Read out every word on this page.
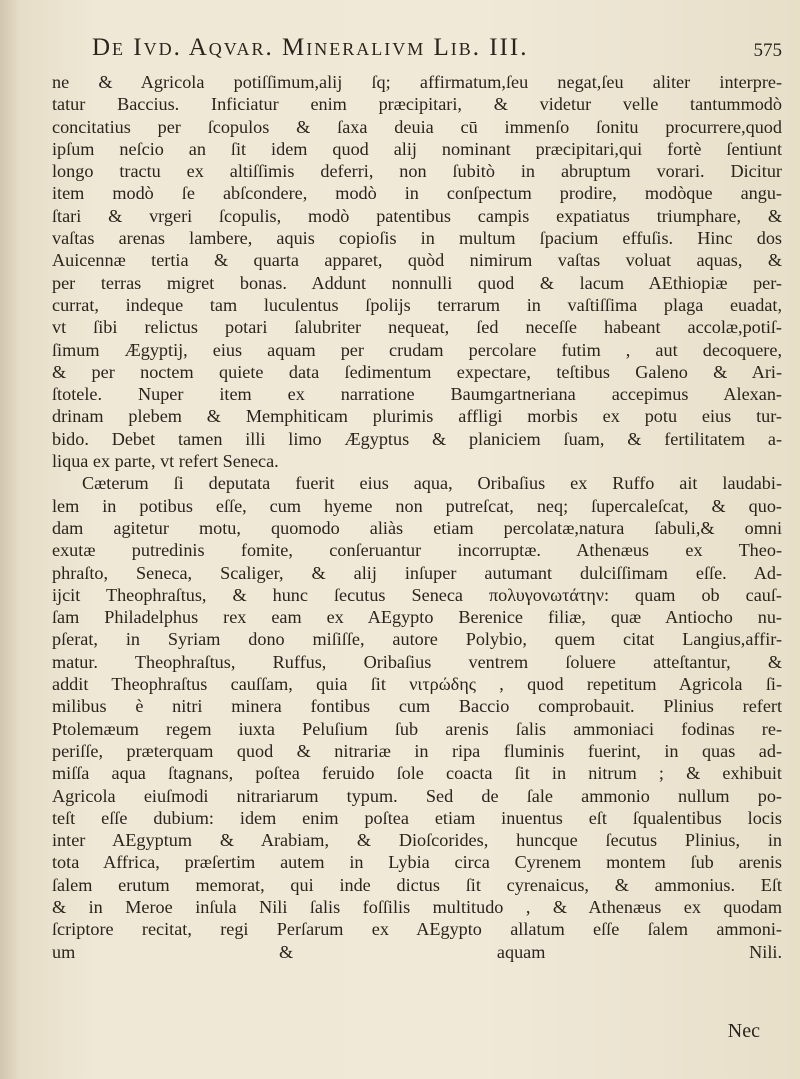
De Ivd. Aqvar. Mineralivm Lib. III.	575
ne & Agricola potiſſimum,alij ſq; affirmatum,ſeu negat,ſeu aliter interpre-
tatur Baccius. Inficiatur enim præcipitari, & videtur velle tantummodò
concitatius per ſcopulos & ſaxa deuia cū immenſo ſonitu procurrere,quod
ipſum neſcio an ſit idem quod alij nominant præcipitari,qui fortè ſentiunt
longo tractu ex altiſſimis deferri, non ſubitò in abruptum vorari. Dicitur
item modò ſe abſcondere, modò in conſpectum prodire, modòque angu-
ſtari & vrgeri ſcopulis, modò patentibus campis expatiatus triumphare, &
vaſtas arenas lambere, aquis copioſis in multum ſpacium effuſis. Hinc dos
Auicennæ tertia & quarta apparet, quòd nimirum vaſtas voluat aquas, &
per terras migret bonas. Addunt nonnulli quod & lacum AEthiopiæ per-
currat, indeque tam luculentus ſpolijs terrarum in vaſtiſſima plaga euadat,
vt ſibi relictus potari ſalubriter nequeat, ſed neceſſe habeant accolæ,potiſ-
ſimum Ægyptij, eius aquam per crudam percolare futim , aut decoquere,
& per noctem quiete data ſedimentum expectare, teſtibus Galeno & Ari-
ſtotele. Nuper item ex narratione Baumgartneriana accepimus Alexan-
drinam plebem & Memphiticam plurimis affligi morbis ex potu eius tur-
bido. Debet tamen illi limo Ægyptus & planiciem ſuam, & fertilitatem a-
liqua ex parte, vt refert Seneca.
Cæterum ſi deputata fuerit eius aqua, Oribaſius ex Ruffo ait laudabi-
lem in potibus eſſe, cum hyeme non putreſcat, neq; ſupercaleſcat, & quo-
dam agitetur motu, quomodo aliàs etiam percolatæ,natura ſabuli,& omni
exutæ putredinis fomite, conſeruantur incorruptæ. Athenæus ex Theo-
phraſto, Seneca, Scaliger, & alij inſuper autumant dulciſſimam eſſe. Ad-
ijcit Theophraſtus, & hunc ſecutus Seneca πολυγονωτάτην: quam ob cauſ-
ſam Philadelphus rex eam ex AEgypto Berenice filiæ, quæ Antiocho nu-
pſerat, in Syriam dono miſiſſe, autore Polybio, quem citat Langius,affir-
matur. Theophraſtus, Ruffus, Oribaſius ventrem ſoluere atteſtantur, &
addit Theophraſtus cauſſam, quia ſit νιτρώδης , quod repetitum Agricola ſi-
milibus è nitri minera fontibus cum Baccio comprobauit. Plinius refert
Ptolemæum regem iuxta Peluſium ſub arenis ſalis ammoniaci fodinas re-
periſſe, præterquam quod & nitrariæ in ripa fluminis fuerint, in quas ad-
miſſa aqua ſtagnans, poſtea feruido ſole coacta ſit in nitrum ; & exhibuit
Agricola eiuſmodi nitrariarum typum. Sed de ſale ammonio nullum po-
teſt eſſe dubium: idem enim poſtea etiam inuentus eſt ſqualentibus locis
inter AEgyptum & Arabiam, & Dioſcorides, huncque ſecutus Plinius, in
tota Affrica, præſertim autem in Lybia circa Cyrenem montem ſub arenis
ſalem erutum memorat, qui inde dictus ſit cyrenaicus, & ammonius. Eſt
& in Meroe inſula Nili ſalis foſſilis multitudo , & Athenæus ex quodam
ſcriptore recitat, regi Perſarum ex AEgypto allatum eſſe ſalem ammoni-
um & aquam Nili.
Nec
